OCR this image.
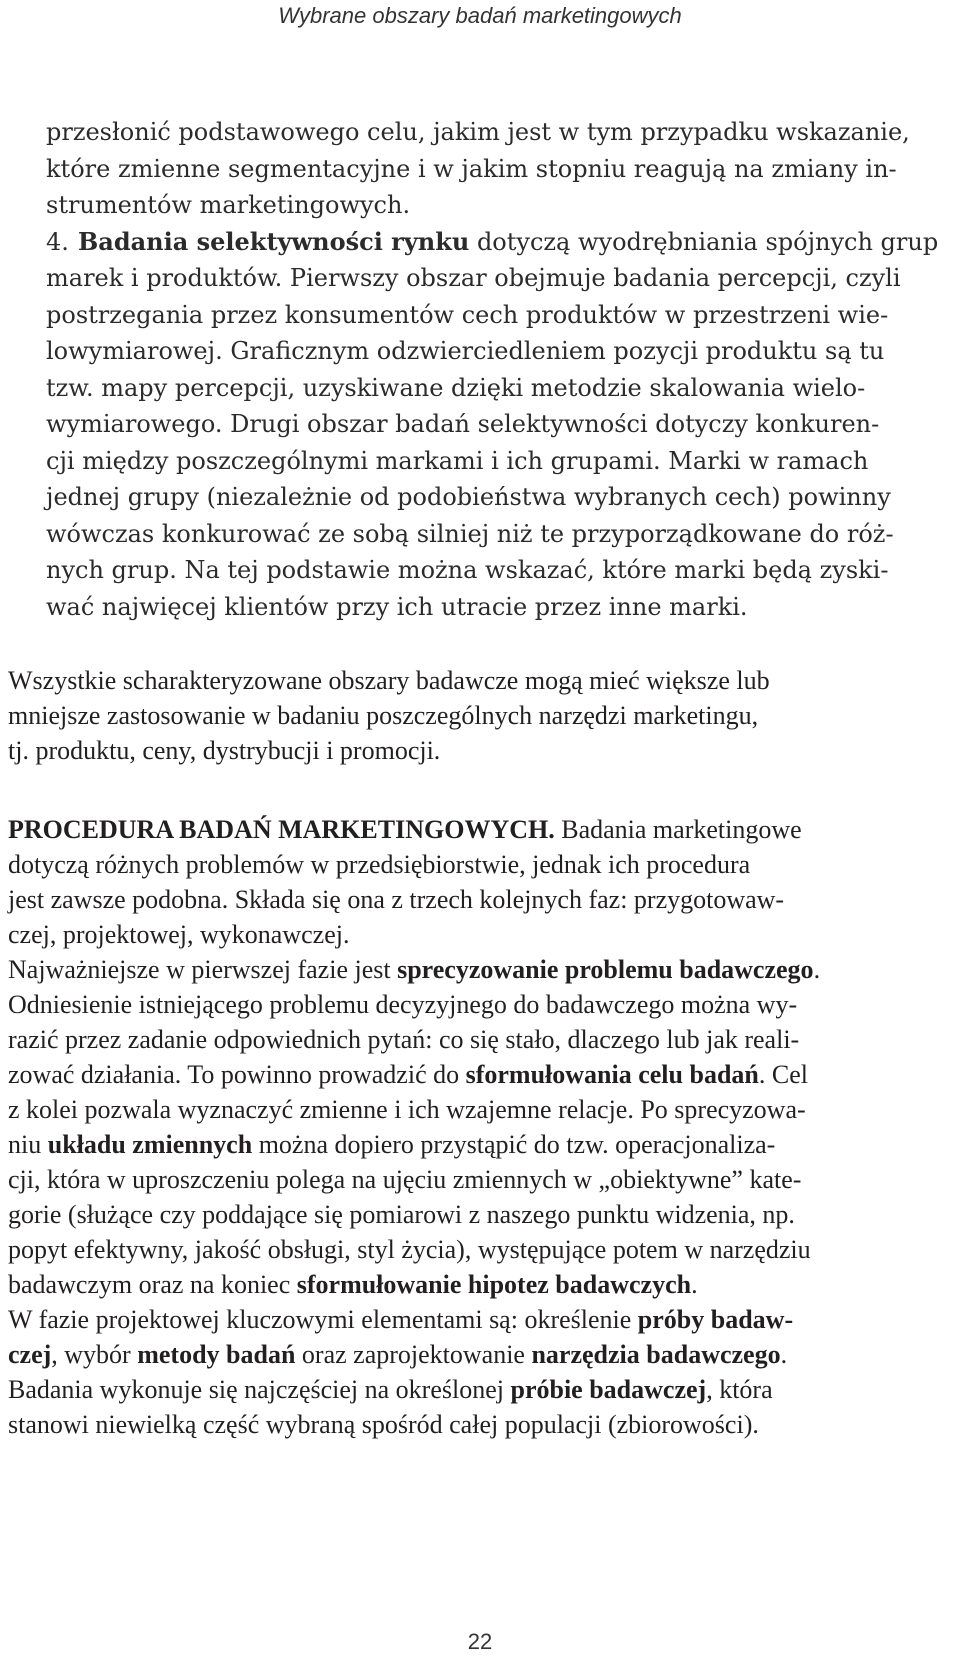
Wybrane obszary badań marketingowych
przesłonić podstawowego celu, jakim jest w tym przypadku wskazanie,
które zmienne segmentacyjne i w jakim stopniu reagują na zmiany in-
strumentów marketingowych.
4. Badania selektywności rynku dotyczą wyodrębniania spójnych grup
marek i produktów. Pierwszy obszar obejmuje badania percepcji, czyli
postrzegania przez konsumentów cech produktów w przestrzeni wie-
lowymiarowej. Graficznym odzwierciedleniem pozycji produktu są tu
tzw. mapy percepcji, uzyskiwane dzięki metodzie skalowania wielo-
wymiarowego. Drugi obszar badań selektywności dotyczy konkuren-
cji między poszczególnymi markami i ich grupami. Marki w ramach
jednej grupy (niezależnie od podobieństwa wybranych cech) powinny
wówczas konkurować ze sobą silniej niż te przyporządkowane do róż-
nych grup. Na tej podstawie można wskazać, które marki będą zyski-
wać najwięcej klientów przy ich utracie przez inne marki.
Wszystkie scharakteryzowane obszary badawcze mogą mieć większe lub
mniejsze zastosowanie w badaniu poszczególnych narzędzi marketingu,
tj. produktu, ceny, dystrybucji i promocji.
PROCEDURA BADAŃ MARKETINGOWYCH. Badania marketingowe
dotyczą różnych problemów w przedsiębiorstwie, jednak ich procedura
jest zawsze podobna. Składa się ona z trzech kolejnych faz: przygotowaw-
czej, projektowej, wykonawczej.
Najważniejsze w pierwszej fazie jest sprecyzowanie problemu badawczego.
Odniesienie istniejącego problemu decyzyjnego do badawczego można wy-
razić przez zadanie odpowiednich pytań: co się stało, dlaczego lub jak reali-
zować działania. To powinno prowadzić do sformułowania celu badań. Cel
z kolei pozwala wyznaczyć zmienne i ich wzajemne relacje. Po sprecyzowa-
niu układu zmiennych można dopiero przystąpić do tzw. operacjonaliza-
cji, która w uproszczeniu polega na ujęciu zmiennych w „obiektywne” kate-
gorie (służące czy poddające się pomiarowi z naszego punktu widzenia, np.
popyt efektywny, jakość obsługi, styl życia), występujące potem w narzędziu
badawczym oraz na koniec sformułowanie hipotez badawczych.
W fazie projektowej kluczowymi elementami są: określenie próby badaw-
czej, wybór metody badań oraz zaprojektowanie narzędzia badawczego.
Badania wykonuje się najczęściej na określonej próbie badawczej, która
stanowi niewielką część wybraną spośród całej populacji (zbiorowości).
22
